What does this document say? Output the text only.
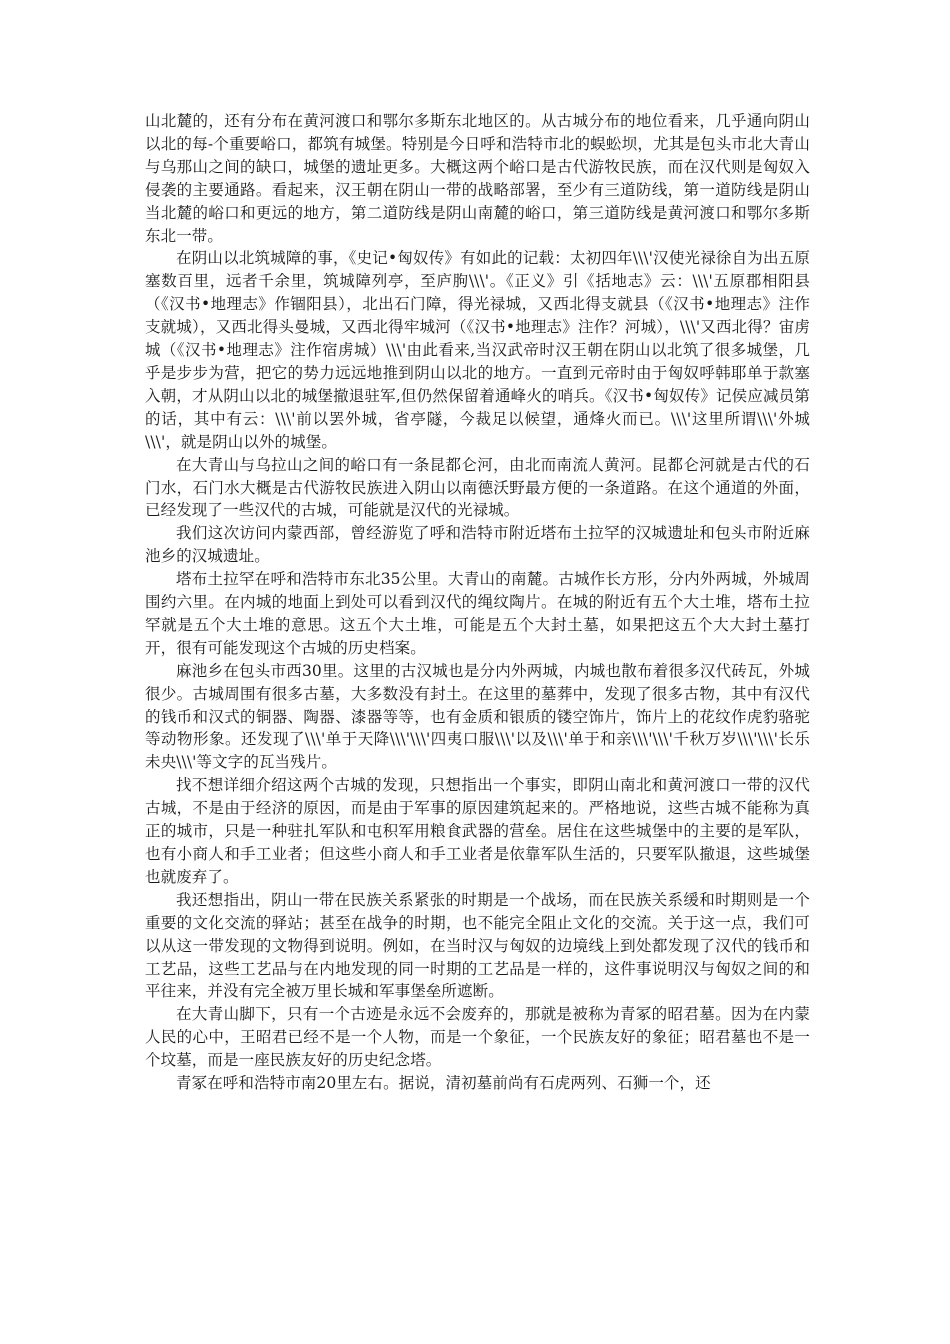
山北麓的，还有分布在黄河渡口和鄂尔多斯东北地区的。从古城分布的地位看来，几乎通向阴山以北的每-个重要峪口，都筑有城堡。特别是今日呼和浩特市北的蜈蚣坝，尤其是包头市北大青山与乌那山之间的缺口，城堡的遗址更多。大概这两个峪口是古代游牧民族，而在汉代则是匈奴入侵袭的主要通路。看起来，汉王朝在阴山一带的战略部署，至少有三道防线，第一道防线是阴山当北麓的峪口和更远的地方，第二道防线是阴山南麓的峪口，第三道防线是黄河渡口和鄂尔多斯东北一带。

在阴山以北筑城障的事，《史记•匈奴传》有如此的记载：太初四年\\\'汉使光禄徐自为出五原塞数百里，远者千余里，筑城障列亭，至庐朐\\\'。《正义》引《括地志》云：\\\'五原郡相阳县（《汉书•地理志》作锢阳县），北出石门障，得光禄城，又西北得支就县（《汉书•地理志》注作支就城），又西北得头曼城，又西北得牢城河（《汉书•地理志》注作？河城），\\\'又西北得？宙虏城（《汉书•地理志》注作宿虏城）\\\'由此看来,当汉武帝时汉王朝在阴山以北筑了很多城堡，几乎是步步为营，把它的势力远远地推到阴山以北的地方。一直到元帝时由于匈奴呼韩耶单于款塞入朝，才从阴山以北的城堡撤退驻军,但仍然保留着通峰火的哨兵。《汉书•匈奴传》记侯应减员第的话，其中有云：\\\'前以罢外城，省亭隧，今裁足以候望，通烽火而已。\\\'这里所谓\\\'外城\\\'，就是阴山以外的城堡。

在大青山与乌拉山之间的峪口有一条昆都仑河，由北而南流人黄河。昆都仑河就是古代的石门水，石门水大概是古代游牧民族进入阴山以南德沃野最方便的一条道路。在这个通道的外面，已经发现了一些汉代的古城，可能就是汉代的光禄城。

我们这次访问内蒙西部，曾经游览了呼和浩特市附近塔布土拉罕的汉城遗址和包头市附近麻池乡的汉城遗址。

塔布土拉罕在呼和浩特市东北35公里。大青山的南麓。古城作长方形，分内外两城，外城周围约六里。在内城的地面上到处可以看到汉代的绳纹陶片。在城的附近有五个大土堆，塔布土拉罕就是五个大土堆的意思。这五个大土堆，可能是五个大封土墓，如果把这五个大大封土墓打开，很有可能发现这个古城的历史档案。

麻池乡在包头市西30里。这里的古汉城也是分内外两城，内城也散布着很多汉代砖瓦，外城很少。古城周围有很多古墓，大多数没有封土。在这里的墓葬中，发现了很多古物，其中有汉代的钱币和汉式的铜器、陶器、漆器等等，也有金质和银质的镂空饰片，饰片上的花纹作虎豹骆驼等动物形象。还发现了\\\'单于天降\\\'\\\'四夷口服\\\'以及\\\'单于和亲\\\'\\\'千秋万岁\\\'\\\'长乐未央\\\'等文字的瓦当残片。

找不想详细介绍这两个古城的发现，只想指出一个事实，即阴山南北和黄河渡口一带的汉代古城，不是由于经济的原因，而是由于军事的原因建筑起来的。严格地说，这些古城不能称为真正的城市，只是一种驻扎军队和屯积军用粮食武器的营垒。居住在这些城堡中的主要的是军队，也有小商人和手工业者；但这些小商人和手工业者是依靠军队生活的，只要军队撤退，这些城堡也就废弃了。

我还想指出，阴山一带在民族关系紧张的时期是一个战场，而在民族关系缓和时期则是一个重要的文化交流的驿站；甚至在战争的时期，也不能完全阻止文化的交流。关于这一点，我们可以从这一带发现的文物得到说明。例如，在当时汉与匈奴的边境线上到处都发现了汉代的钱币和工艺品，这些工艺品与在内地发现的同一时期的工艺品是一样的，这件事说明汉与匈奴之间的和平往来，并没有完全被万里长城和军事堡垒所遮断。

在大青山脚下，只有一个古迹是永远不会废弃的，那就是被称为青冢的昭君墓。因为在内蒙人民的心中，王昭君已经不是一个人物，而是一个象征，一个民族友好的象征；昭君墓也不是一个坟墓，而是一座民族友好的历史纪念塔。

青冢在呼和浩特市南20里左右。据说，清初墓前尚有石虎两列、石狮一个，还
